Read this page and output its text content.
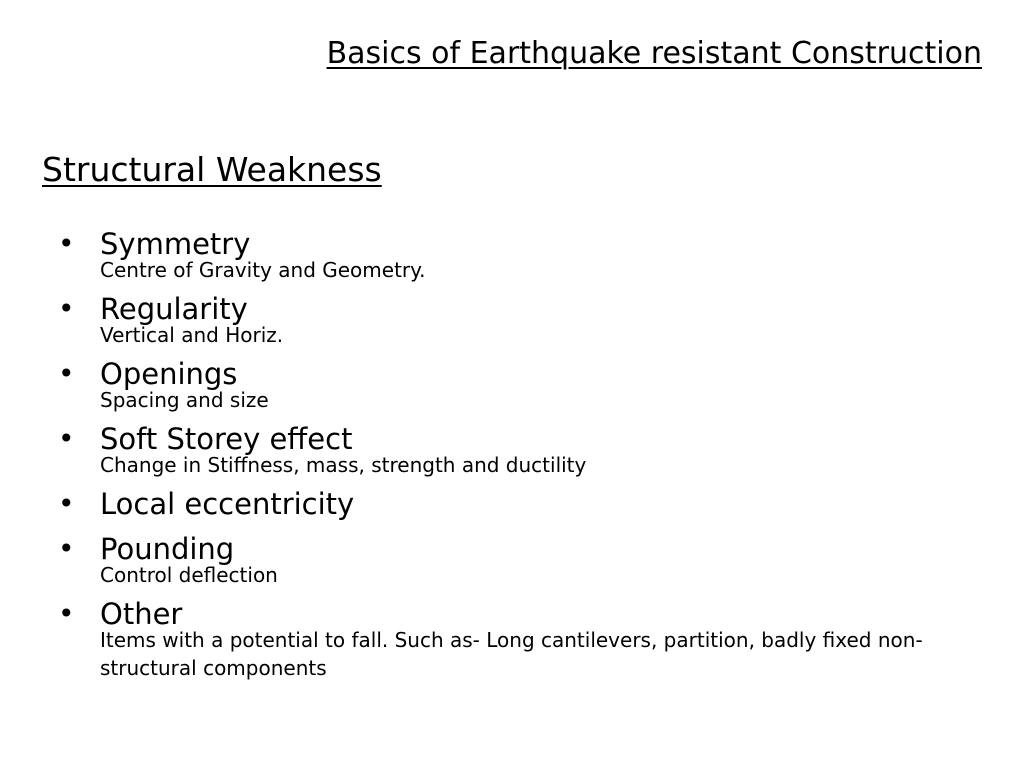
Basics of Earthquake resistant Construction
Structural Weakness
• Symmetry
Centre of Gravity and Geometry.
• Regularity
Vertical and Horiz.
• Openings
Spacing and size
• Soft Storey effect
Change in Stiffness, mass, strength and ductility
• Local eccentricity
• Pounding
Control deflection
• Other
Items with a potential to fall. Such as- Long cantilevers, partition, badly fixed non-structural components
